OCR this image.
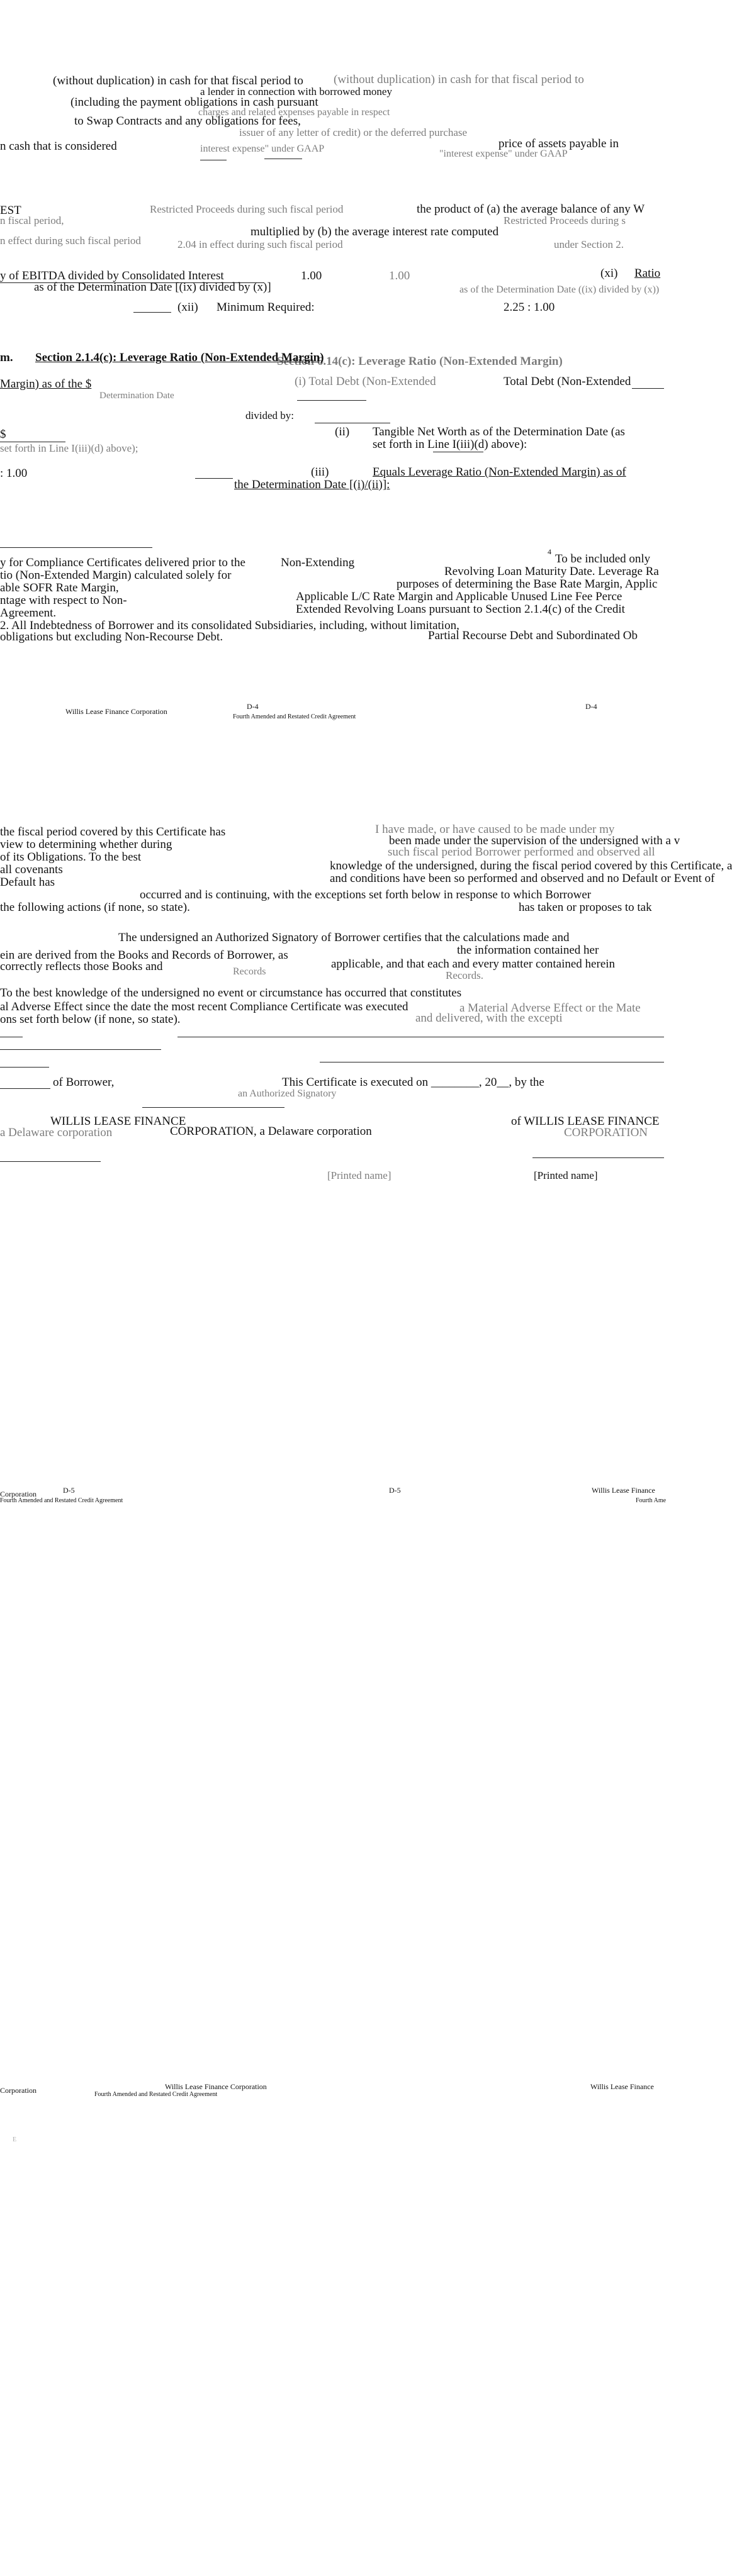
(without duplication) in cash for that fiscal period to	(without duplication) in cash for that fiscal period to
a lender in connection with borrowed money
(including the payment obligations in cash pursuant
charges and related expenses payable in respect
to Swap Contracts and any obligations for fees,
issuer of any letter of credit) or the deferred purchase
n cash that is considered	interest expense" under GAAP	price of assets payable in
"interest expense" under GAAP
EST	Restricted Proceeds during such fiscal period	the product of (a) the average balance of any W
n fiscal period,
multiplied by (b) the average interest rate computed
Restricted Proceeds during s
n effect during such fiscal period	2.04 in effect during such fiscal period	under Section 2.
y of EBITDA divided by Consolidated Interest	1.00	1.00	(xi) Ratio
as of the Determination Date [(ix) divided by (x)]	as of the Determination Date ((ix) divided by (x))
(xii) Minimum Required:	2.25 : 1.00
m. Section 2.1.4(c): Leverage Ratio (Non-Extended Margin)
Section 6.14(c): Leverage Ratio (Non-Extended Margin)
Margin) as of the $
Determination Date
(i) Total Debt (Non-Extended	Total Debt (Non-Extended
divided by:
$	(ii) Tangible Net Worth as of the Determination Date (as
set forth in Line I(iii)(d) above);	set forth in Line I(iii)(d) above):
: 1.00	(iii)	Equals Leverage Ratio (Non-Extended Margin) as of
the Determination Date [(i)/(ii)]:
y for Compliance Certificates delivered prior to the	Non-Extending
tio (Non-Extended Margin) calculated solely for
able SOFR Rate Margin,
ntage with respect to Non-
Agreement.
2. All Indebtedness of Borrower and its consolidated Subsidiaries, including, without limitation,
obligations but excluding Non-Recourse Debt.
4
To be included only
Revolving Loan Maturity Date. Leverage Ra
purposes of determining the Base Rate Margin, Applic
Applicable L/C Rate Margin and Applicable Unused Line Fee Perce
Extended Revolving Loans pursuant to Section 2.1.4(c) of the Credit
Partial Recourse Debt and Subordinated Ob
Willis Lease Finance Corporation
D-4
Fourth Amended and Restated Credit Agreement
D-4
the fiscal period covered by this Certificate has
view to determining whether during
of its Obligations. To the best
all covenants
Default has
I have made, or have caused to be made under my
been made under the supervision of the undersigned with a v
such fiscal period Borrower performed and observed all
knowledge of the undersigned, during the fiscal period covered by this Certificate, a
and conditions have been so performed and observed and no Default or Event of
occurred and is continuing, with the exceptions set forth below in response to which Borrower
has taken or proposes to tak
the following actions (if none, so state).
The undersigned an Authorized Signatory of Borrower certifies that the calculations made and
the information contained her
ein are derived from the Books and Records of Borrower, as
Records
applicable, and that each and every matter contained herein
correctly reflects those Books and
Records.
To the best knowledge of the undersigned no event or circumstance has occurred that constitutes
al Adverse Effect since the date the most recent Compliance Certificate was executed	a Material Adverse Effect or the Mate
and delivered, with the excepti
ons set forth below (if none, so state).
of Borrower,	This Certificate is executed on ________, 20__, by the
an Authorized Signatory
WILLIS LEASE FINANCE
a Delaware corporation	CORPORATION, a Delaware corporation
of WILLIS LEASE FINANCE
CORPORATION
[Printed name]	[Printed name]
Corporation	D-5
Fourth Amended and Restated Credit Agreement
D-5	Willis Lease Finance
Fourth Ame
Corporation	Willis Lease Finance Corporation
Fourth Amended and Restated Credit Agreement
Willis Lease Finance
E
